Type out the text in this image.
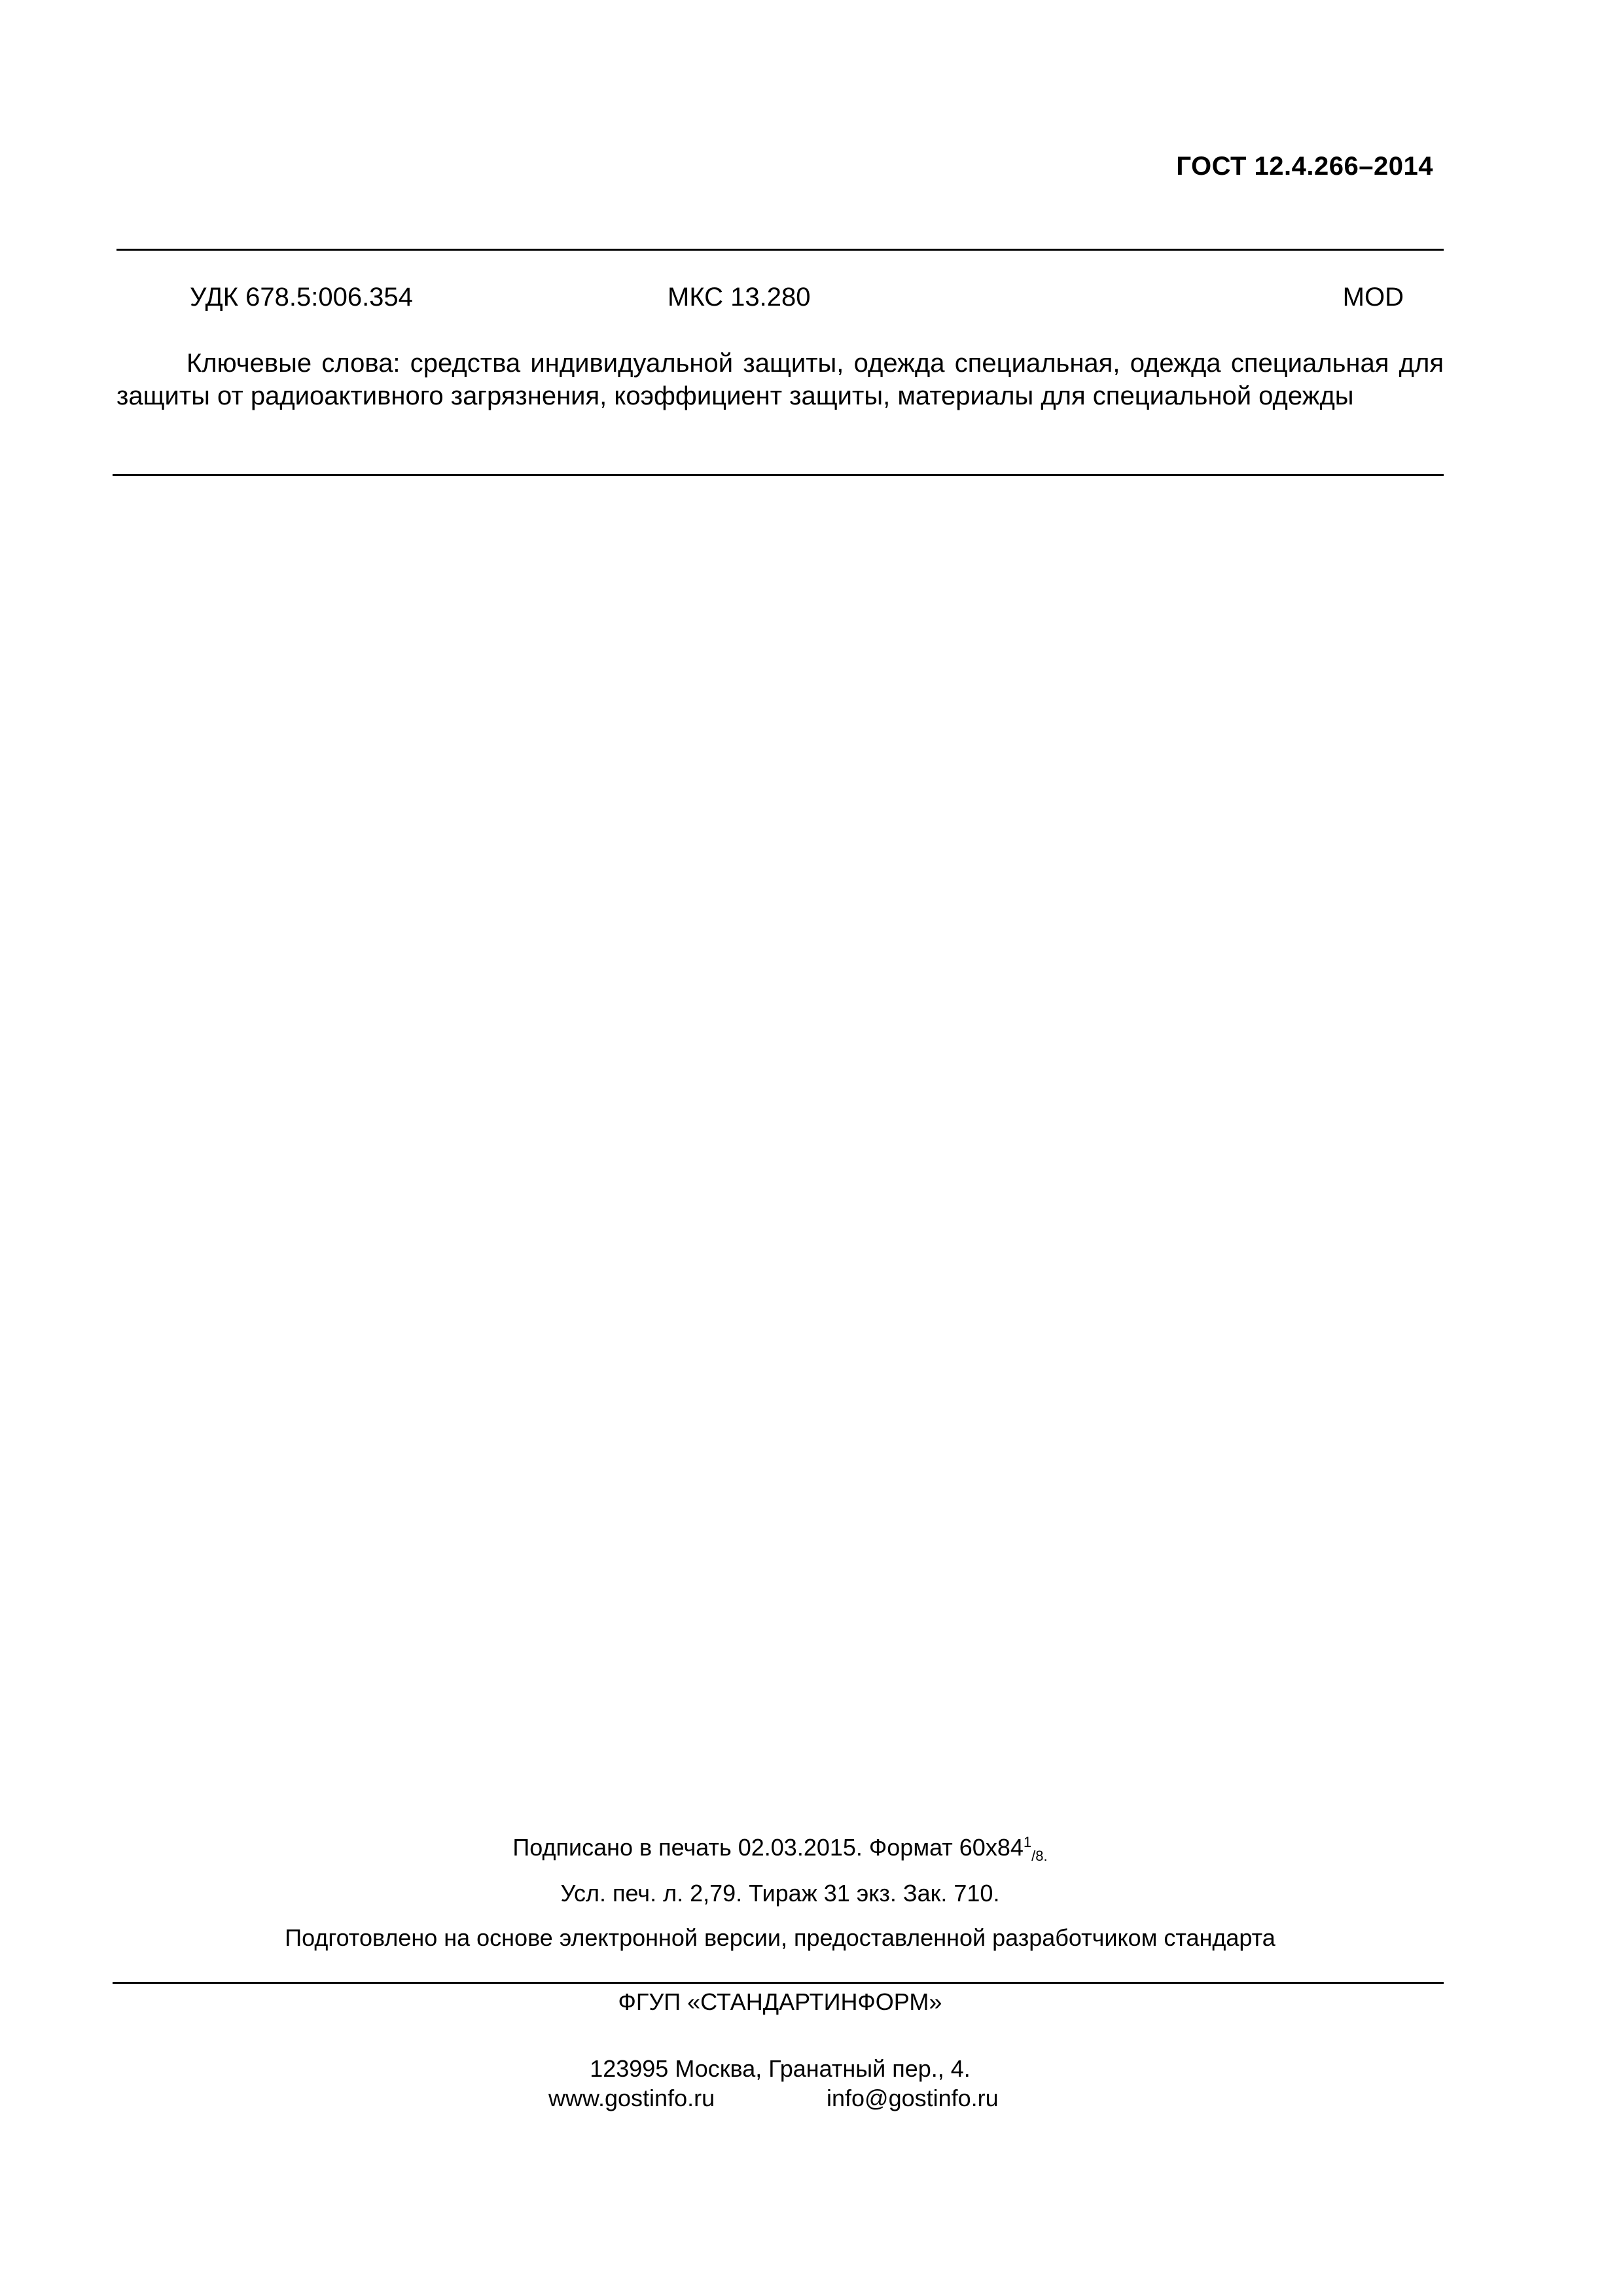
ГОСТ 12.4.266–2014
УДК 678.5:006.354	МКС 13.280	MOD
Ключевые слова: средства индивидуальной защиты, одежда специальная, одежда специальная для защиты от радиоактивного загрязнения, коэффициент защиты, материалы для специальной одежды
Подписано в печать 02.03.2015. Формат $60x84^1_{/8.}$
Усл. печ. л. 2,79. Тираж 31 экз. Зак. 710.
Подготовлено на основе электронной версии, предоставленной разработчиком стандарта
ФГУП «СТАНДАРТИНФОРМ»
123995 Москва, Гранатный пер., 4.
www.gostinfo.ru	info@gostinfo.ru
